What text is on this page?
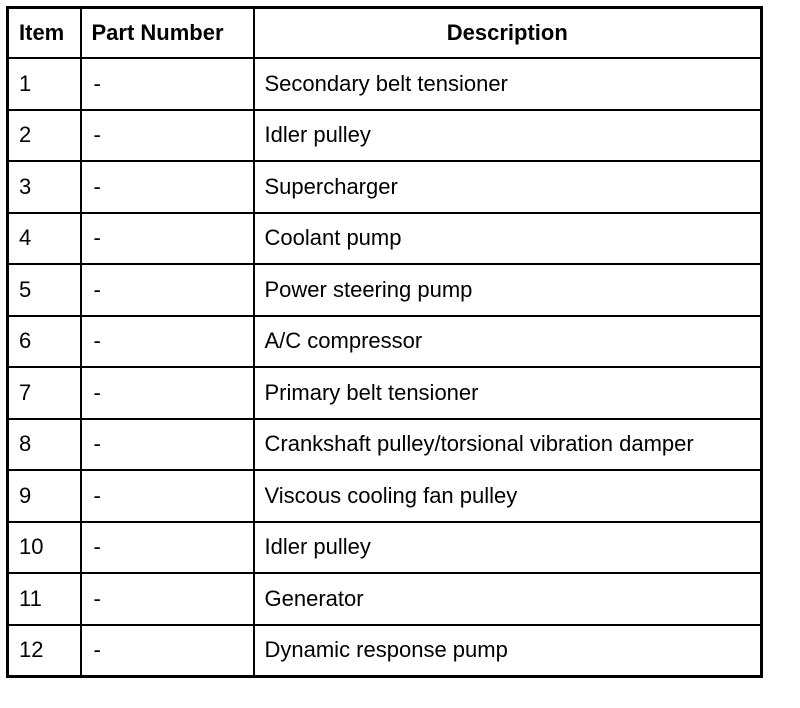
Item	Part Number	Description
1	-	Secondary belt tensioner
2	-	Idler pulley
3	-	Supercharger
4	-	Coolant pump
5	-	Power steering pump
6	-	A/C compressor
7	-	Primary belt tensioner
8	-	Crankshaft pulley/torsional vibration damper
9	-	Viscous cooling fan pulley
10	-	Idler pulley
11	-	Generator
12	-	Dynamic response pump
